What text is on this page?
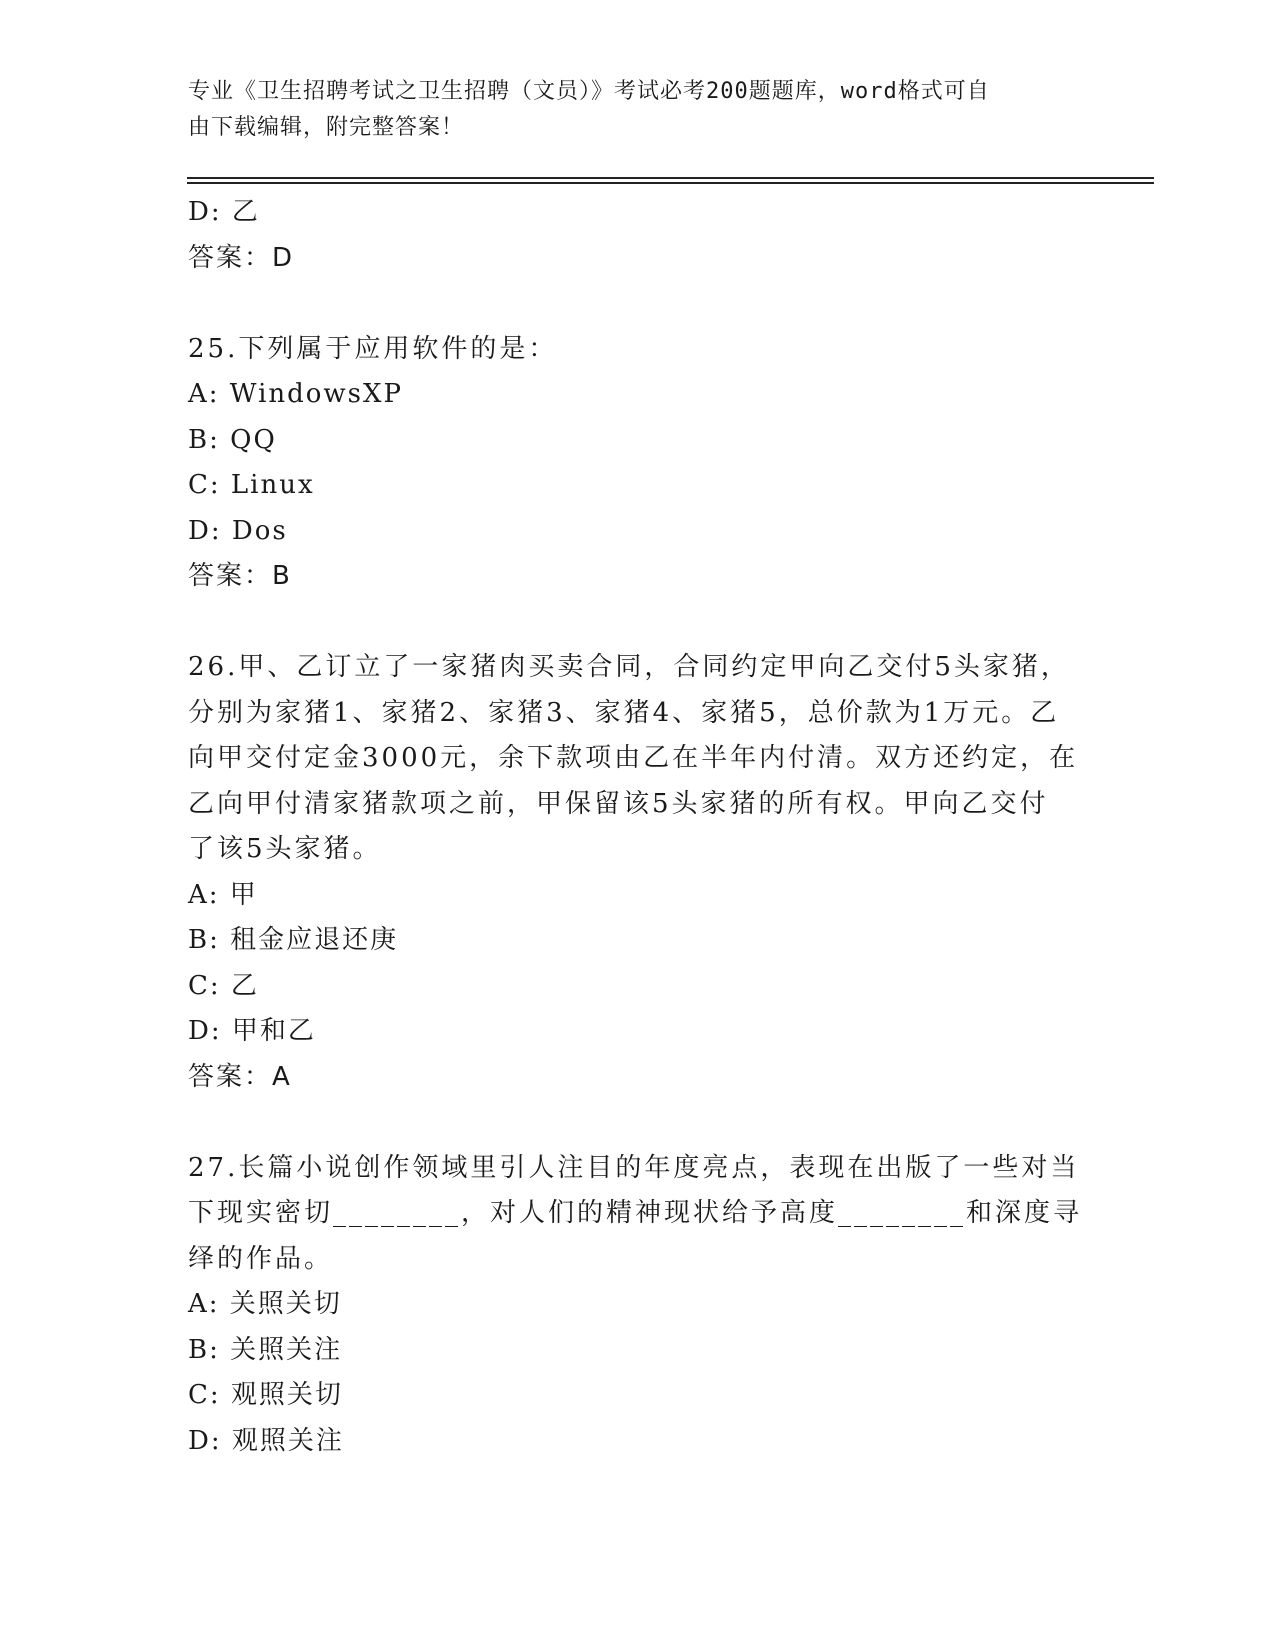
专业《卫生招聘考试之卫生招聘（文员）》考试必考200题题库，word格式可自
由下载编辑，附完整答案！
D: 乙
答案：D
25.下列属于应用软件的是：
A: WindowsXP
B: QQ
C: Linux
D: Dos
答案：B
26.甲、乙订立了一家猪肉买卖合同，合同约定甲向乙交付5头家猪，
分别为家猪1、家猪2、家猪3、家猪4、家猪5，总价款为1万元。乙
向甲交付定金3000元，余下款项由乙在半年内付清。双方还约定，在
乙向甲付清家猪款项之前，甲保留该5头家猪的所有权。甲向乙交付
了该5头家猪。
A: 甲
B: 租金应退还庚
C: 乙
D: 甲和乙
答案：A
27.长篇小说创作领域里引人注目的年度亮点，表现在出版了一些对当
下现实密切________，对人们的精神现状给予高度________和深度寻
绎的作品。
A: 关照关切
B: 关照关注
C: 观照关切
D: 观照关注
